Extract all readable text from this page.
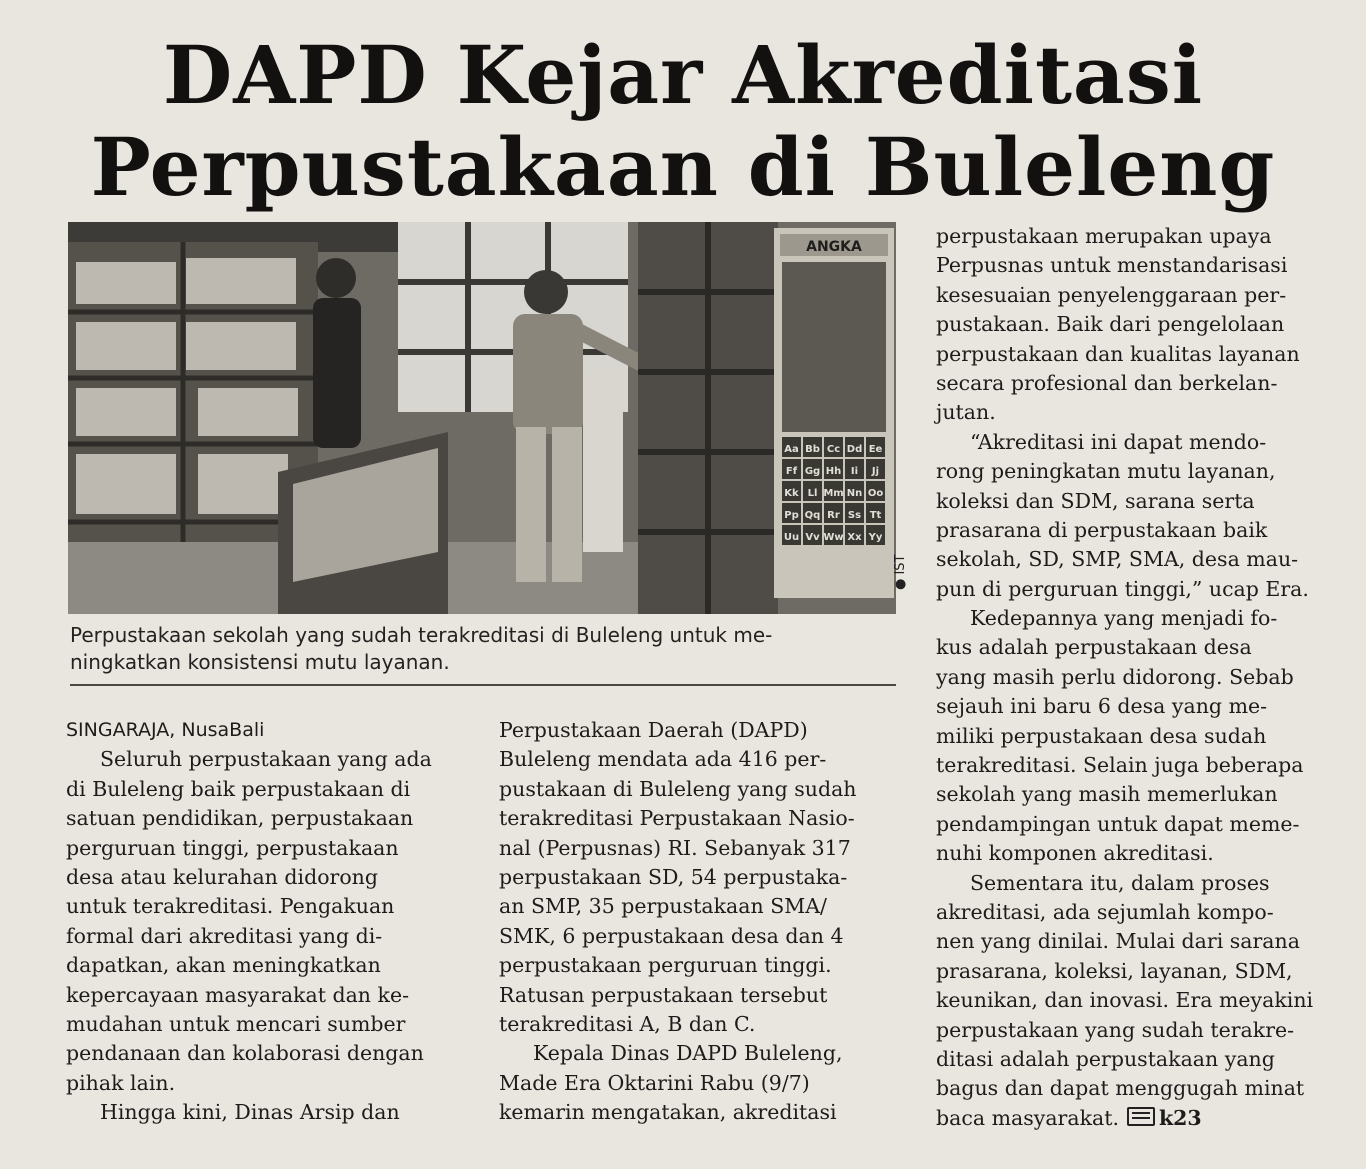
DAPD Kejar Akreditasi
Perpustakaan di Buleleng
ANGKA
Aa Bb Cc Dd Ee
Ff Gg Hh Ii Jj
Kk Ll Mm Nn Oo
Pp Qq Rr Ss Tt
Uu Vv Ww Xx Yy
● IST
Perpustakaan sekolah yang sudah terakreditasi di Buleleng untuk me-
ningkatkan konsistensi mutu layanan.
SINGARAJA, NusaBali
Seluruh perpustakaan yang ada
di Buleleng baik perpustakaan di
satuan pendidikan, perpustakaan
perguruan tinggi, perpustakaan
desa atau kelurahan didorong
untuk terakreditasi. Pengakuan
formal dari akreditasi yang di-
dapatkan, akan meningkatkan
kepercayaan masyarakat dan ke-
mudahan untuk mencari sumber
pendanaan dan kolaborasi dengan
pihak lain.
Hingga kini, Dinas Arsip dan
Perpustakaan Daerah (DAPD)
Buleleng mendata ada 416 per-
pustakaan di Buleleng yang sudah
terakreditasi Perpustakaan Nasio-
nal (Perpusnas) RI. Sebanyak 317
perpustakaan SD, 54 perpustaka-
an SMP, 35 perpustakaan SMA/
SMK, 6 perpustakaan desa dan 4
perpustakaan perguruan tinggi.
Ratusan perpustakaan tersebut
terakreditasi A, B dan C.
Kepala Dinas DAPD Buleleng,
Made Era Oktarini Rabu (9/7)
kemarin mengatakan, akreditasi
perpustakaan merupakan upaya
Perpusnas untuk menstandarisasi
kesesuaian penyelenggaraan per-
pustakaan. Baik dari pengelolaan
perpustakaan dan kualitas layanan
secara profesional dan berkelan-
jutan.
“Akreditasi ini dapat mendo-
rong peningkatan mutu layanan,
koleksi dan SDM, sarana serta
prasarana di perpustakaan baik
sekolah, SD, SMP, SMA, desa mau-
pun di perguruan tinggi,” ucap Era.
Kedepannya yang menjadi fo-
kus adalah perpustakaan desa
yang masih perlu didorong. Sebab
sejauh ini baru 6 desa yang me-
miliki perpustakaan desa sudah
terakreditasi. Selain juga beberapa
sekolah yang masih memerlukan
pendampingan untuk dapat meme-
nuhi komponen akreditasi.
Sementara itu, dalam proses
akreditasi, ada sejumlah kompo-
nen yang dinilai. Mulai dari sarana
prasarana, koleksi, layanan, SDM,
keunikan, dan inovasi. Era meyakini
perpustakaan yang sudah terakre-
ditasi adalah perpustakaan yang
bagus dan dapat menggugah minat
baca masyarakat. k23
